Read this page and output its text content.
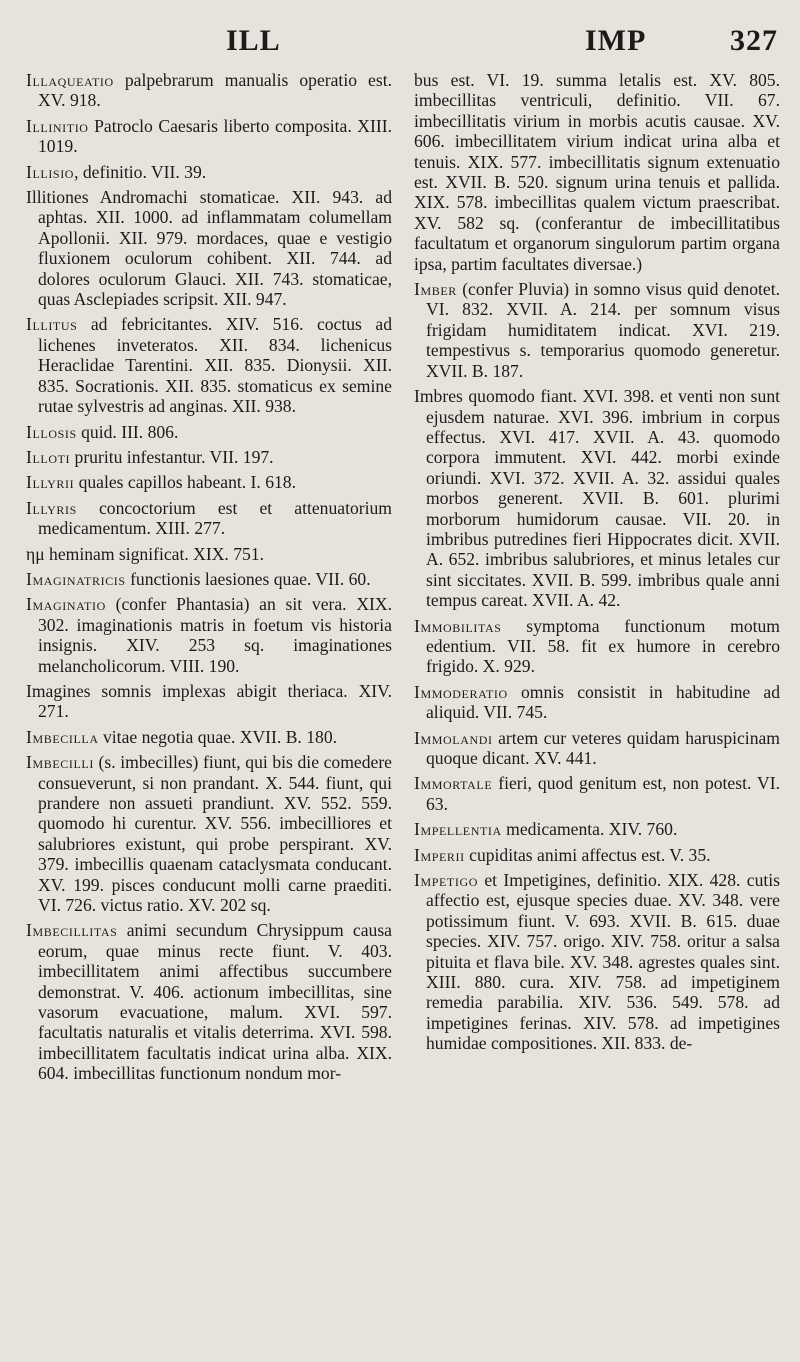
ILL	IMP	327

Illaqueatio palpebrarum manualis operatio est. XV. 918.

Illinitio Patroclo Caesaris liberto composita. XIII. 1019.

Illisio, definitio. VII. 39.

Illitiones Andromachi stomaticae. XII. 943. ad aphtas. XII. 1000. ad inflammatam columellam Apollonii. XII. 979. mordaces, quae e vestigio fluxionem oculorum cohibent. XII. 744. ad dolores oculorum Glauci. XII. 743. stomaticae, quas Asclepiades scripsit. XII. 947.

Illitus ad febricitantes. XIV. 516. coctus ad lichenes inveteratos. XII. 834. lichenicus Heraclidae Tarentini. XII. 835. Dionysii. XII. 835. Socrationis. XII. 835. stomaticus ex semine rutae sylvestris ad anginas. XII. 938.

Illosis quid. III. 806.

Illoti pruritu infestantur. VII. 197.

Illyrii quales capillos habeant. I. 618.

Illyris concoctorium est et attenuatorium medicamentum. XIII. 277.

ημ heminam significat. XIX. 751.

Imaginatricis functionis laesiones quae. VII. 60.

Imaginatio (confer Phantasia) an sit vera. XIX. 302. imaginationis matris in foetum vis historia insignis. XIV. 253 sq. imaginationes melancholicorum. VIII. 190.

Imagines somnis implexas abigit theriaca. XIV. 271.

Imbecilla vitae negotia quae. XVII. B. 180.

Imbecilli (s. imbecilles) fiunt, qui bis die comedere consueverunt, si non prandant. X. 544. fiunt, qui prandere non assueti prandiunt. XV. 552. 559. quomodo hi curentur. XV. 556. imbecilliores et salubriores existunt, qui probe perspirant. XV. 379. imbecillis quaenam cataclysmata conducant. XV. 199. pisces conducunt molli carne praediti. VI. 726. victus ratio. XV. 202 sq.

Imbecillitas animi secundum Chrysippum causa eorum, quae minus recte fiunt. V. 403. imbecillitatem animi affectibus succumbere demonstrat. V. 406. actionum imbecillitas, sine vasorum evacuatione, malum. XVI. 597. facultatis naturalis et vitalis deterrima. XVI. 598. imbecillitatem facultatis indicat urina alba. XIX. 604. imbecillitas functionum nondum mor-

bus est. VI. 19. summa letalis est. XV. 805. imbecillitas ventriculi, definitio. VII. 67. imbecillitatis virium in morbis acutis causae. XV. 606. imbecillitatem virium indicat urina alba et tenuis. XIX. 577. imbecillitatis signum extenuatio est. XVII. B. 520. signum urina tenuis et pallida. XIX. 578. imbecillitas qualem victum praescribat. XV. 582 sq. (conferantur de imbecillitatibus facultatum et organorum singulorum partim organa ipsa, partim facultates diversae.)

Imber (confer Pluvia) in somno visus quid denotet. VI. 832. XVII. A. 214. per somnum visus frigidam humiditatem indicat. XVI. 219. tempestivus s. temporarius quomodo generetur. XVII. B. 187.

Imbres quomodo fiant. XVI. 398. et venti non sunt ejusdem naturae. XVI. 396. imbrium in corpus effectus. XVI. 417. XVII. A. 43. quomodo corpora immutent. XVI. 442. morbi exinde oriundi. XVI. 372. XVII. A. 32. assidui quales morbos generent. XVII. B. 601. plurimi morborum humidorum causae. VII. 20. in imbribus putredines fieri Hippocrates dicit. XVII. A. 652. imbribus salubriores, et minus letales cur sint siccitates. XVII. B. 599. imbribus quale anni tempus careat. XVII. A. 42.

Immobilitas symptoma functionum motum edentium. VII. 58. fit ex humore in cerebro frigido. X. 929.

Immoderatio omnis consistit in habitudine ad aliquid. VII. 745.

Immolandi artem cur veteres quidam haruspicinam quoque dicant. XV. 441.

Immortale fieri, quod genitum est, non potest. VI. 63.

Impellentia medicamenta. XIV. 760.

Imperii cupiditas animi affectus est. V. 35.

Impetigo et Impetigines, definitio. XIX. 428. cutis affectio est, ejusque species duae. XV. 348. vere potissimum fiunt. V. 693. XVII. B. 615. duae species. XIV. 757. origo. XIV. 758. oritur a salsa pituita et flava bile. XV. 348. agrestes quales sint. XIII. 880. cura. XIV. 758. ad impetiginem remedia parabilia. XIV. 536. 549. 578. ad impetigines ferinas. XIV. 578. ad impetigines humidae compositiones. XII. 833. de-
